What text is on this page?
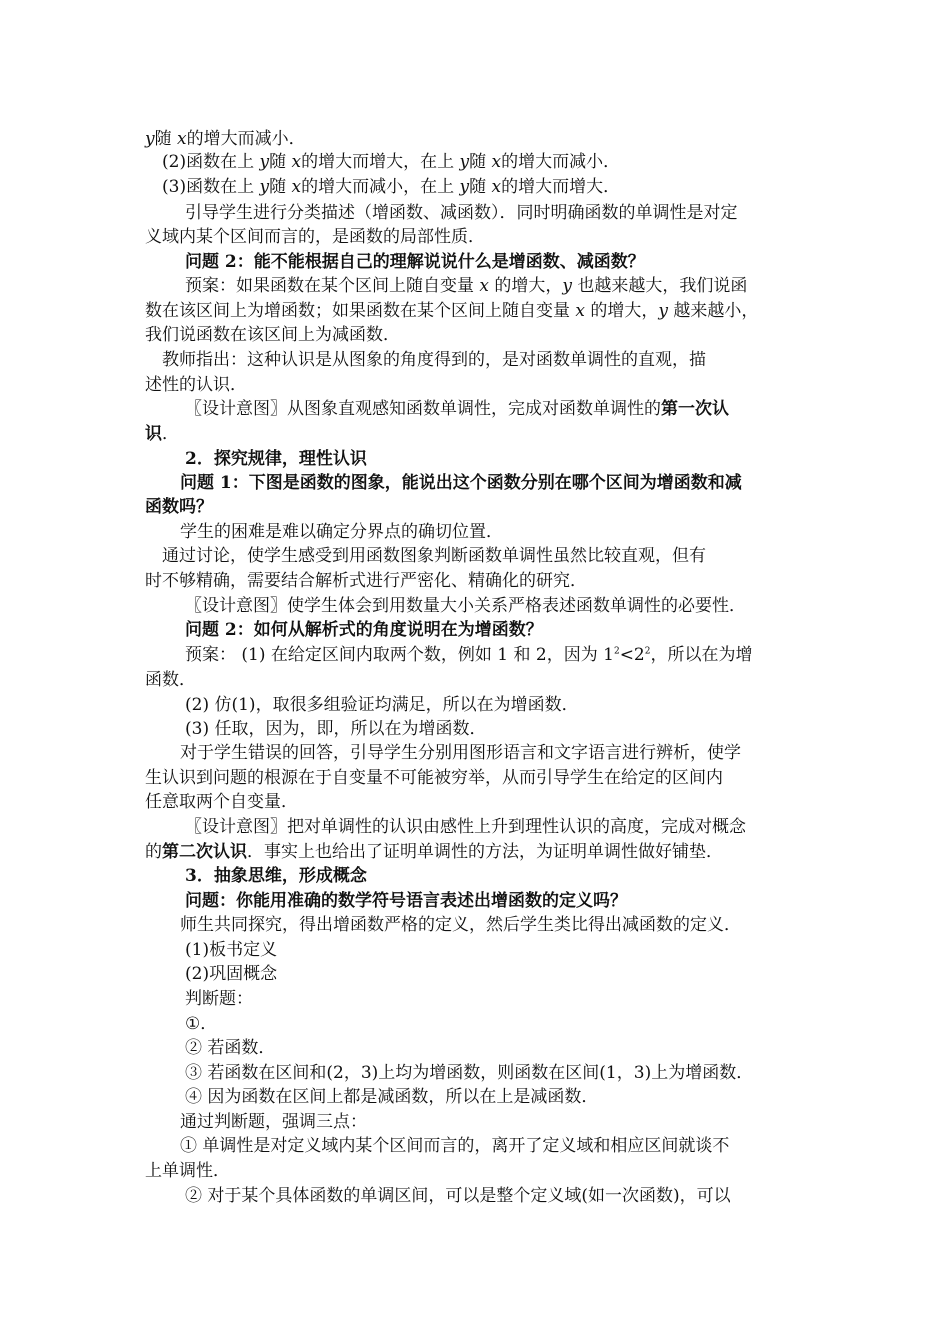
y随 x的增大而减小．

(2)函数在上 y随 x的增大而增大，在上 y随 x的增大而减小．

(3)函数在上 y随 x的增大而减小，在上 y随 x的增大而增大．

引导学生进行分类描述（增函数、减函数）．同时明确函数的单调性是对定

义域内某个区间而言的，是函数的局部性质．

问题 2：能不能根据自己的理解说说什么是增函数、减函数？

预案：如果函数在某个区间上随自变量 x 的增大，y 也越来越大，我们说函

数在该区间上为增函数；如果函数在某个区间上随自变量 x 的增大，y 越来越小，

我们说函数在该区间上为减函数．

教师指出：这种认识是从图象的角度得到的，是对函数单调性的直观，描

述性的认识．

〖设计意图〗从图象直观感知函数单调性，完成对函数单调性的第一次认

识．

2．探究规律，理性认识

问题 1：下图是函数的图象，能说出这个函数分别在哪个区间为增函数和减

函数吗？

学生的困难是难以确定分界点的确切位置．

通过讨论，使学生感受到用函数图象判断函数单调性虽然比较直观，但有

时不够精确，需要结合解析式进行严密化、精确化的研究．

〖设计意图〗使学生体会到用数量大小关系严格表述函数单调性的必要性．

问题 2：如何从解析式的角度说明在为增函数？

预案： (1) 在给定区间内取两个数，例如 1 和 2，因为 $1^2<2^2$，所以在为增

函数．

(2) 仿(1)，取很多组验证均满足，所以在为增函数．

(3) 任取，因为，即，所以在为增函数．

对于学生错误的回答，引导学生分别用图形语言和文字语言进行辨析，使学

生认识到问题的根源在于自变量不可能被穷举，从而引导学生在给定的区间内

任意取两个自变量．

〖设计意图〗把对单调性的认识由感性上升到理性认识的高度，完成对概念

的第二次认识．事实上也给出了证明单调性的方法，为证明单调性做好铺垫．

3．抽象思维，形成概念

问题：你能用准确的数学符号语言表述出增函数的定义吗？

师生共同探究，得出增函数严格的定义，然后学生类比得出减函数的定义．

(1)板书定义

(2)巩固概念

判断题：

①．

② 若函数．

③ 若函数在区间和(2，3)上均为增函数，则函数在区间(1，3)上为增函数．

④ 因为函数在区间上都是减函数，所以在上是减函数．

通过判断题，强调三点：

① 单调性是对定义域内某个区间而言的，离开了定义域和相应区间就谈不

上单调性．

② 对于某个具体函数的单调区间，可以是整个定义域(如一次函数)，可以
